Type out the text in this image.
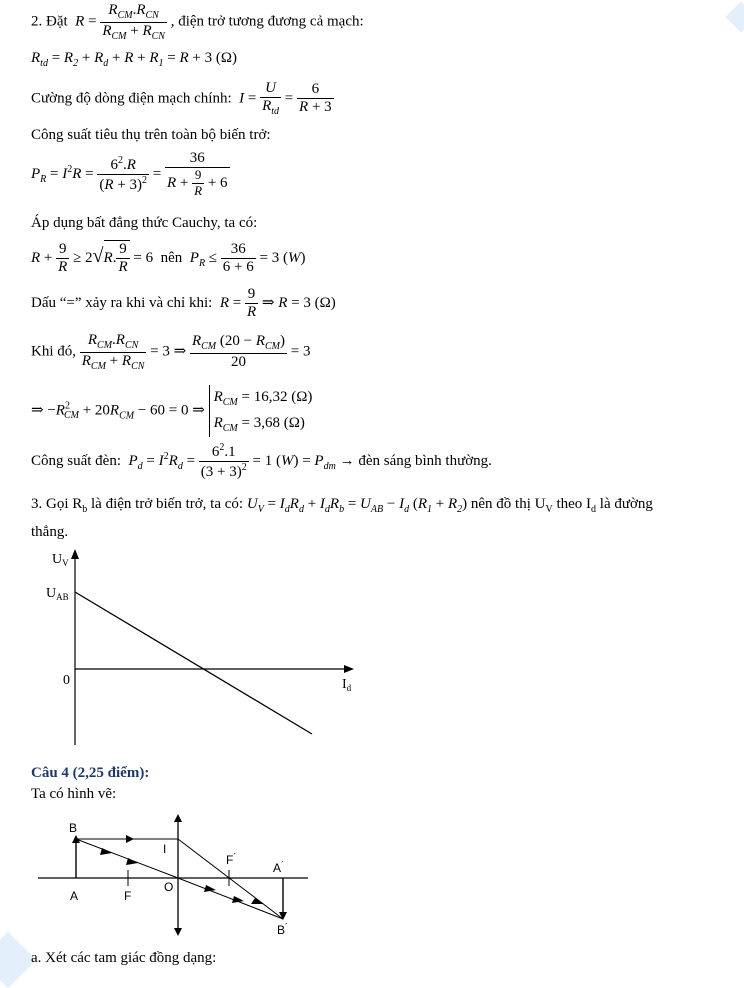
2. Đặt  $R = \frac{R_{CM}.R_{CN}}{R_{CM} + R_{CN}}$ , điện trở tương đương cả mạch:
$R_{td} = R_2 + R_d + R + R_1 = R + 3$ (Ω)
Cường độ dòng điện mạch chính:  $I = \frac{U}{R_{td}} = \frac{6}{R + 3}$
Công suất tiêu thụ trên toàn bộ biến trở:
$P_R = I^2R = \frac{6^2.R}{(R + 3)^2} = \frac{36}{R + \frac{9}{R} + 6}$
Áp dụng bất đẳng thức Cauchy, ta có:
$R + \frac{9}{R} \ge 2√R$. $\frac{9}{R} = 6$  nên $P_R \le \frac{36}{6 + 6} = 3$ (W)
Dấu “=” xảy ra khi và chỉ khi:  $R = \frac{9}{R}$ ⇒ R = 3 (Ω)
Khi đó, $\frac{R_{CM}.R_{CN}}{R_{CM} + R_{CN}} = 3$ ⇒ $\frac{R_{CM} (20 - R_{CM})}{20} = 3$
⇒ $-R^2_{CM} + 20R_{CM} - 60 = 0$ ⇒
$R_{CM} = 16,32$ (Ω)
$R_{CM} = 3,68$ (Ω)
Công suất đèn:  $P_d = I^2R_d = \frac{6^2.1}{(3 + 3)^2} = 1$ $(W) = P_{dm}$ → đèn sáng bình thường.
3. Gọi $R_b$ là điện trở biến trở, ta có: $U_V = I_dR_d + I_dR_b = U_{AB} - I_d$ $(R_1 + R_2)$ nên đồ thị $U_V$ theo $I_d$ là đường
thẳng.
$U_V$
$U_{AB}$
0	$I_d$
Câu 4 (2,25 điểm):
Ta có hình vẽ:
B
A	F
O
I
F´
A´
B´
a. Xét các tam giác đồng dạng:
